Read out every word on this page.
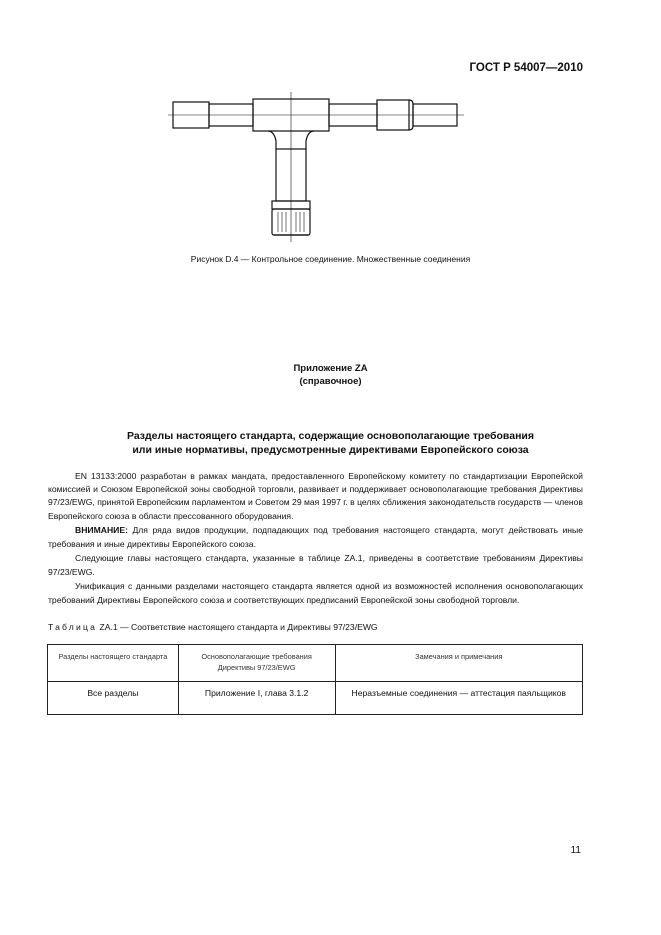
ГОСТ Р 54007—2010
Рисунок D.4 — Контрольное соединение. Множественные соединения
Приложение ZA
(справочное)
Разделы настоящего стандарта, содержащие основополагающие требования
или иные нормативы, предусмотренные директивами Европейского союза

EN 13133:2000 разработан в рамках мандата, предоставленного Европейскому комитету по стандартизации Европейской комиссией и Союзом Европейской зоны свободной торговли, развивает и поддерживает основополагающие требования Директивы 97/23/EWG, принятой Европейским парламентом и Советом 29 мая 1997 г. в целях сближения законодательств государств — членов Европейского союза в области прессованного оборудования.

ВНИМАНИЕ: Для ряда видов продукции, подпадающих под требования настоящего стандарта, могут действовать иные требования и иные директивы Европейского союза.

Следующие главы настоящего стандарта, указанные в таблице ZA.1, приведены в соответствие требованиям Директивы 97/23/EWG.

Унификация с данными разделами настоящего стандарта является одной из возможностей исполнения основополагающих требований Директивы Европейского союза и соответствующих предписаний Европейской зоны свободной торговли.

Таблица ZA.1 — Соответствие настоящего стандарта и Директивы 97/23/EWG
Разделы настоящего стандарта	Основополагающие требования Директивы 97/23/EWG	Замечания и примечания
Все разделы	Приложение I, глава 3.1.2	Неразъемные соединения — аттестация паяльщиков
11
